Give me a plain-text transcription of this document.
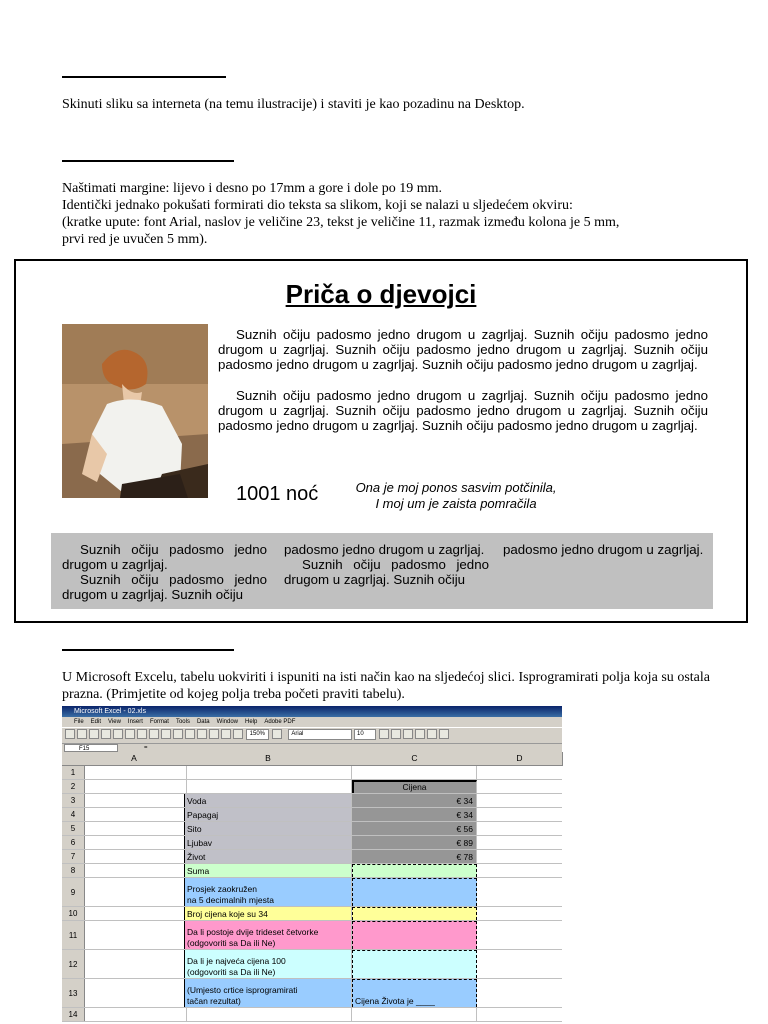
Skinuti sliku sa interneta (na temu ilustracije) i staviti je kao pozadinu na Desktop.
Naštimati margine: lijevo i desno po 17mm a gore i dole po 19 mm.
Identički jednako pokušati formirati dio teksta sa slikom, koji se nalazi u sljedećem okviru:
(kratke upute: font Arial, naslov je veličine 23, tekst je veličine 11, razmak između kolona je 5 mm,
prvi red je uvučen 5 mm).
Priča o djevojci
Suznih očiju padosmo jedno drugom u zagrljaj. Suznih očiju padosmo jedno drugom u zagrljaj. Suznih očiju padosmo jedno drugom u zagrljaj. Suznih očiju padosmo jedno drugom u zagrljaj. Suznih očiju padosmo jedno drugom u zagrljaj.
Suznih očiju padosmo jedno drugom u zagrljaj. Suznih očiju padosmo jedno drugom u zagrljaj. Suznih očiju padosmo jedno drugom u zagrljaj. Suznih očiju padosmo jedno drugom u zagrljaj. Suznih očiju padosmo jedno drugom u zagrljaj.
1001 noć	Ona je moj ponos sasvim potčinila,
I moj um je zaista pomračila

Suznih očiju padosmo jedno drugom u zagrljaj.

Suznih očiju padosmo jedno drugom u zagrljaj. Suznih očiju

padosmo jedno drugom u zagrljaj.

Suznih očiju padosmo jedno drugom u zagrljaj. Suznih očiju

padosmo jedno drugom u zagrljaj.

U Microsoft Excelu, tabelu uokviriti i ispuniti na isti način kao na sljedećoj slici. Isprogramirati polja koja su ostala prazna. (Primjetite od kojeg polja treba početi praviti tabelu).
Microsoft Excel - 02.xls
File Edit View Insert Format Tools Data Window Help Adobe PDF
150%	Arial	10
F15	=
A	B	C	D
1
2	Cijena
3	Voda	€ 34
4	Papagaj	€ 34
5	Sito	€ 56
6	Ljubav	€ 89
7	Život	€ 78
8	Suma
9	Prosjek zaokružen
na 5 decimalnih mjesta
10	Broj cijena koje su 34
11	Da li postoje dvije trideset četvorke
(odgovoriti sa Da ili Ne)
12	Da li je najveća cijena 100
(odgovoriti sa Da ili Ne)
13	(Umjesto crtice isprogramirati
tačan rezultat)	Cijena Života je ____
14
